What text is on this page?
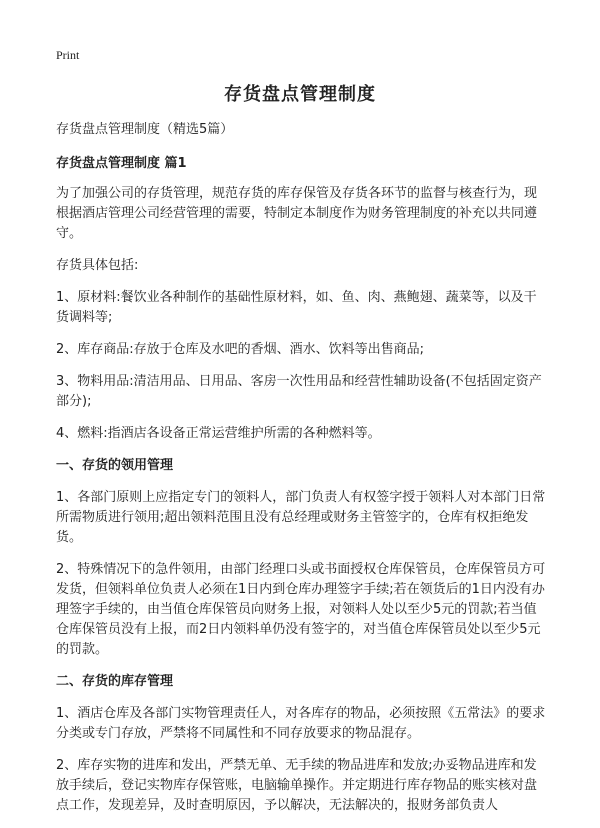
Print
存货盘点管理制度

存货盘点管理制度（精选5篇）

存货盘点管理制度 篇1

为了加强公司的存货管理，规范存货的库存保管及存货各环节的监督与核查行为，现根据酒店管理公司经营管理的需要，特制定本制度作为财务管理制度的补充以共同遵守。

存货具体包括:

1、原材料:餐饮业各种制作的基础性原材料，如、鱼、肉、燕鲍翅、蔬菜等，以及干货调料等;

2、库存商品:存放于仓库及水吧的香烟、酒水、饮料等出售商品;

3、物料用品:清洁用品、日用品、客房一次性用品和经营性辅助设备(不包括固定资产部分);

4、燃料:指酒店各设备正常运营维护所需的各种燃料等。

一、存货的领用管理

1、各部门原则上应指定专门的领料人，部门负责人有权签字授于领料人对本部门日常所需物质进行领用;超出领料范围且没有总经理或财务主管签字的，仓库有权拒绝发货。

2、特殊情况下的急件领用，由部门经理口头或书面授权仓库保管员，仓库保管员方可发货，但领料单位负责人必须在1日内到仓库办理签字手续;若在领货后的1日内没有办理签字手续的，由当值仓库保管员向财务上报，对领料人处以至少5元的罚款;若当值仓库保管员没有上报，而2日内领料单仍没有签字的，对当值仓库保管员处以至少5元的罚款。

二、存货的库存管理

1、酒店仓库及各部门实物管理责任人，对各库存的物品，必须按照《五常法》的要求分类或专门存放，严禁将不同属性和不同存放要求的物品混存。

2、库存实物的进库和发出，严禁无单、无手续的物品进库和发放;办妥物品进库和发放手续后，登记实物库存保管账，电脑输单操作。并定期进行库存物品的账实核对盘点工作，发现差异，及时查明原因，予以解决，无法解决的，报财务部负责人
